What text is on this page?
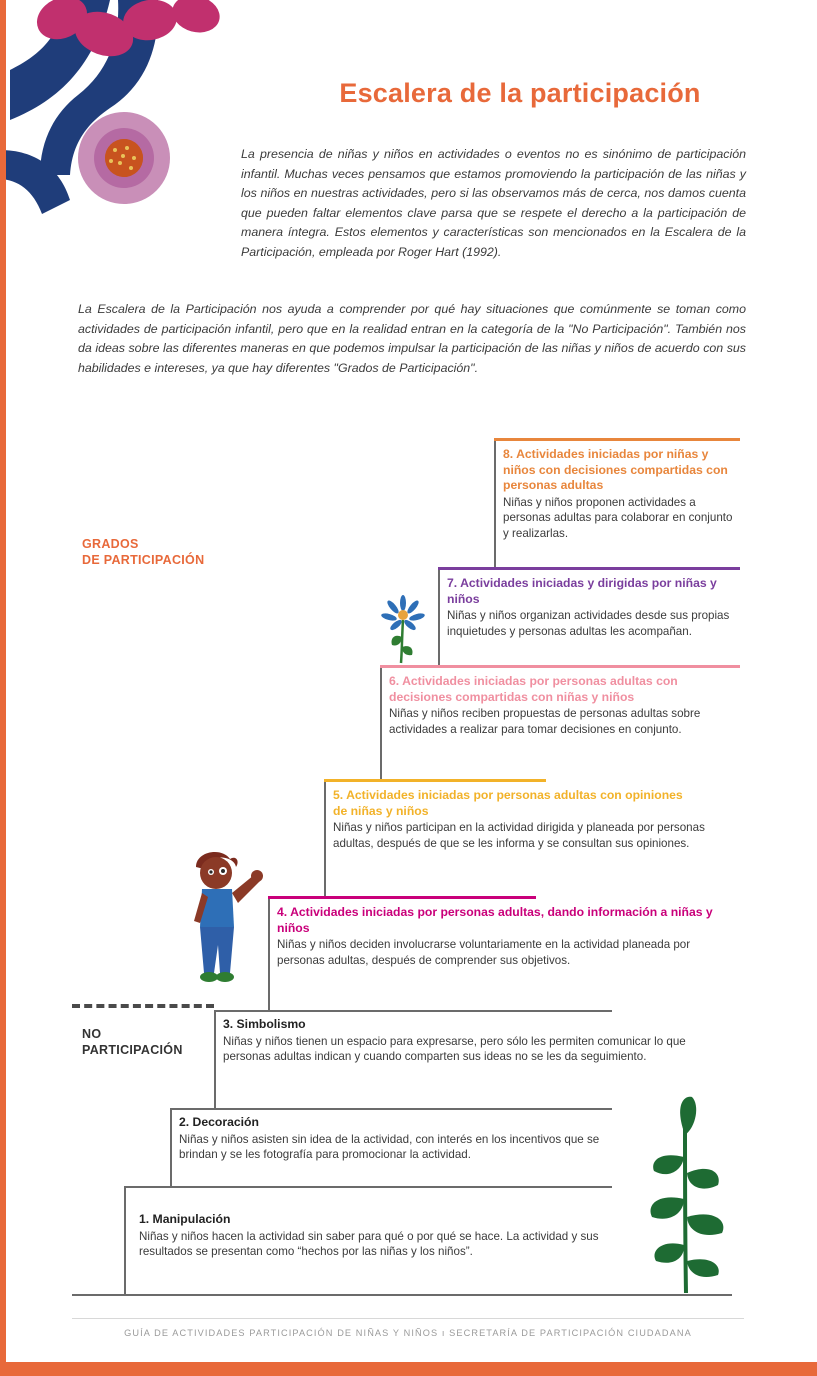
Escalera de la participación
La presencia de niñas y niños en actividades o eventos no es sinónimo de participación infantil. Muchas veces pensamos que estamos promoviendo la participación de las niñas y los niños en nuestras actividades, pero si las observamos más de cerca, nos damos cuenta que pueden faltar elementos clave parsa que se respete el derecho a la participación de manera íntegra. Estos elementos y características son mencionados en la Escalera de la Participación, empleada por Roger Hart (1992).
La Escalera de la Participación nos ayuda a comprender por qué hay situaciones que comúnmente se toman como actividades de participación infantil, pero que en la realidad entran en la categoría de la "No Participación". También nos da ideas sobre las diferentes maneras en que podemos impulsar la participación de las niñas y niños de acuerdo con sus habilidades e intereses, ya que hay diferentes "Grados de Participación".
GRADOS
DE PARTICIPACIÓN
NO
PARTICIPACIÓN
8. Actividades iniciadas por niñas y niños con decisiones compartidas con personas adultas
Niñas y niños proponen actividades a personas adultas para colaborar en conjunto y realizarlas.
7. Actividades iniciadas y dirigidas por niñas y niños
Niñas y niños organizan actividades desde sus propias inquietudes y personas adultas les acompañan.
6. Actividades iniciadas por personas adultas con decisiones compartidas con niñas y niños
Niñas y niños reciben propuestas de personas adultas sobre actividades a realizar para tomar decisiones en conjunto.
5. Actividades iniciadas por personas adultas con opiniones de niñas y niños
Niñas y niños participan en la actividad dirigida y planeada por personas adultas, después de que se les informa y se consultan sus opiniones.
4. Actividades iniciadas por personas adultas, dando información a niñas y niños
Niñas y niños deciden involucrarse voluntariamente en la actividad planeada por personas adultas, después de comprender sus objetivos.
3. Simbolismo
Niñas y niños tienen un espacio para expresarse, pero sólo les permiten comunicar lo que personas adultas indican y cuando comparten sus ideas no se les da seguimiento.
2. Decoración
Niñas y niños asisten sin idea de la actividad, con interés en los incentivos que se brindan y se les fotografía para promocionar la actividad.
1. Manipulación
Niñas y niños hacen la actividad sin saber para qué o por qué se hace. La actividad y sus resultados se presentan como “hechos por las niñas y los niños”.
GUÍA DE ACTIVIDADES PARTICIPACIÓN DE NIÑAS Y NIÑOS ı SECRETARÍA DE PARTICIPACIÓN CIUDADANA
